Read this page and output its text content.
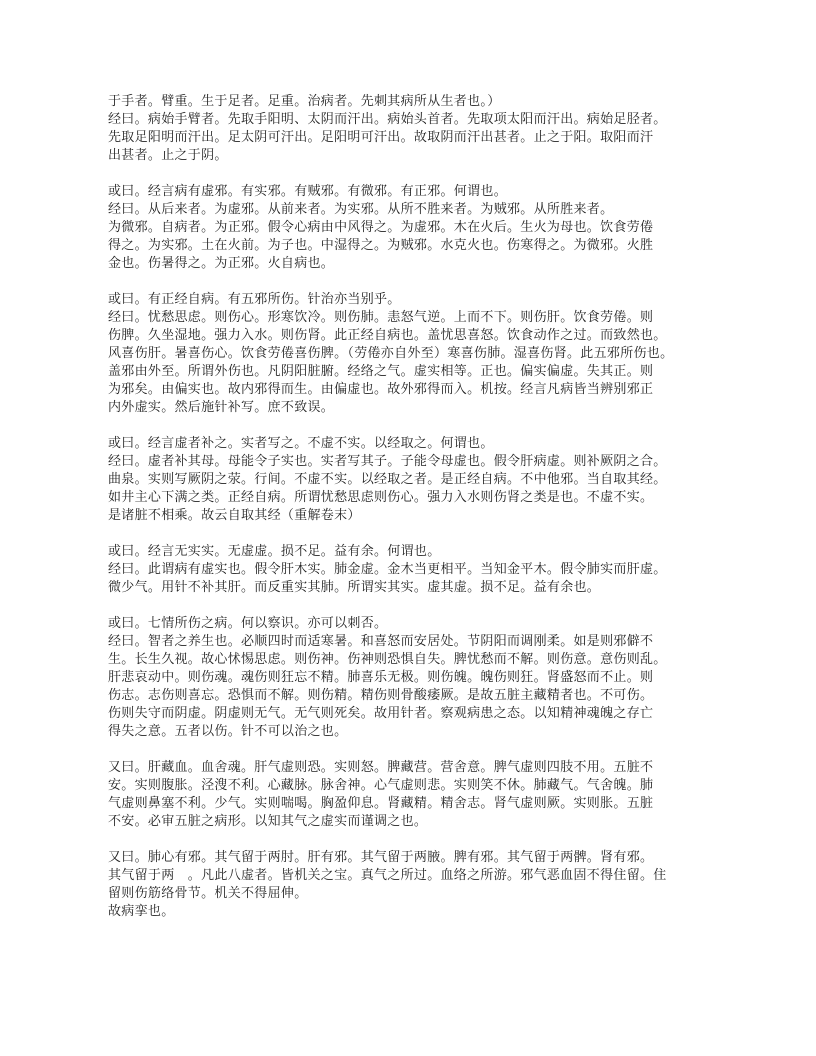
于手者。臂重。生于足者。足重。治病者。先刺其病所从生者也。）
经曰。病始手臂者。先取手阳明、太阴而汗出。病始头首者。先取项太阳而汗出。病始足胫者。
先取足阳明而汗出。足太阴可汗出。足阳明可汗出。故取阴而汗出甚者。止之于阳。取阳而汗
出甚者。止之于阴。
或曰。经言病有虚邪。有实邪。有贼邪。有微邪。有正邪。何谓也。
经曰。从后来者。为虚邪。从前来者。为实邪。从所不胜来者。为贼邪。从所胜来者。
为微邪。自病者。为正邪。假令心病由中风得之。为虚邪。木在火后。生火为母也。饮食劳倦
得之。为实邪。土在火前。为子也。中湿得之。为贼邪。水克火也。伤寒得之。为微邪。火胜
金也。伤暑得之。为正邪。火自病也。
或曰。有正经自病。有五邪所伤。针治亦当别乎。
经曰。忧愁思虑。则伤心。形寒饮冷。则伤肺。恚怒气逆。上而不下。则伤肝。饮食劳倦。则
伤脾。久坐湿地。强力入水。则伤肾。此正经自病也。盖忧思喜怒。饮食动作之过。而致然也。
风喜伤肝。暑喜伤心。饮食劳倦喜伤脾。（劳倦亦自外至）寒喜伤肺。湿喜伤肾。此五邪所伤也。
盖邪由外至。所谓外伤也。凡阴阳脏腑。经络之气。虚实相等。正也。偏实偏虚。失其正。则
为邪矣。由偏实也。故内邪得而生。由偏虚也。故外邪得而入。机按。经言凡病皆当辨别邪正
内外虚实。然后施针补写。庶不致误。
或曰。经言虚者补之。实者写之。不虚不实。以经取之。何谓也。
经曰。虚者补其母。母能令子实也。实者写其子。子能令母虚也。假令肝病虚。则补厥阴之合。
曲泉。实则写厥阴之荥。行间。不虚不实。以经取之者。是正经自病。不中他邪。当自取其经。
如井主心下满之类。正经自病。所谓忧愁思虑则伤心。强力入水则伤肾之类是也。不虚不实。
是诸脏不相乘。故云自取其经（重解卷末）
或曰。经言无实实。无虚虚。损不足。益有余。何谓也。
经曰。此谓病有虚实也。假令肝木实。肺金虚。金木当更相平。当知金平木。假令肺实而肝虚。
微少气。用针不补其肝。而反重实其肺。所谓实其实。虚其虚。损不足。益有余也。
或曰。七情所伤之病。何以察识。亦可以刺否。
经曰。智者之养生也。必顺四时而适寒暑。和喜怒而安居处。节阴阳而调刚柔。如是则邪僻不
生。长生久视。故心怵惕思虑。则伤神。伤神则恐惧自失。脾忧愁而不解。则伤意。意伤则乱。
肝悲哀动中。则伤魂。魂伤则狂忘不精。肺喜乐无极。则伤魄。魄伤则狂。肾盛怒而不止。则
伤志。志伤则喜忘。恐惧而不解。则伤精。精伤则骨酸痿厥。是故五脏主藏精者也。不可伤。
伤则失守而阴虚。阴虚则无气。无气则死矣。故用针者。察观病患之态。以知精神魂魄之存亡
得失之意。五者以伤。针不可以治之也。
又曰。肝藏血。血舍魂。肝气虚则恐。实则怒。脾藏营。营舍意。脾气虚则四肢不用。五脏不
安。实则腹胀。泾溲不利。心藏脉。脉舍神。心气虚则悲。实则笑不休。肺藏气。气舍魄。肺
气虚则鼻塞不利。少气。实则喘喝。胸盈仰息。肾藏精。精舍志。肾气虚则厥。实则胀。五脏
不安。必审五脏之病形。以知其气之虚实而谨调之也。
又曰。肺心有邪。其气留于两肘。肝有邪。其气留于两腋。脾有邪。其气留于两髀。肾有邪。
其气留于两　。凡此八虚者。皆机关之宝。真气之所过。血络之所游。邪气恶血固不得住留。住
留则伤筋络骨节。机关不得屈伸。
故病挛也。
